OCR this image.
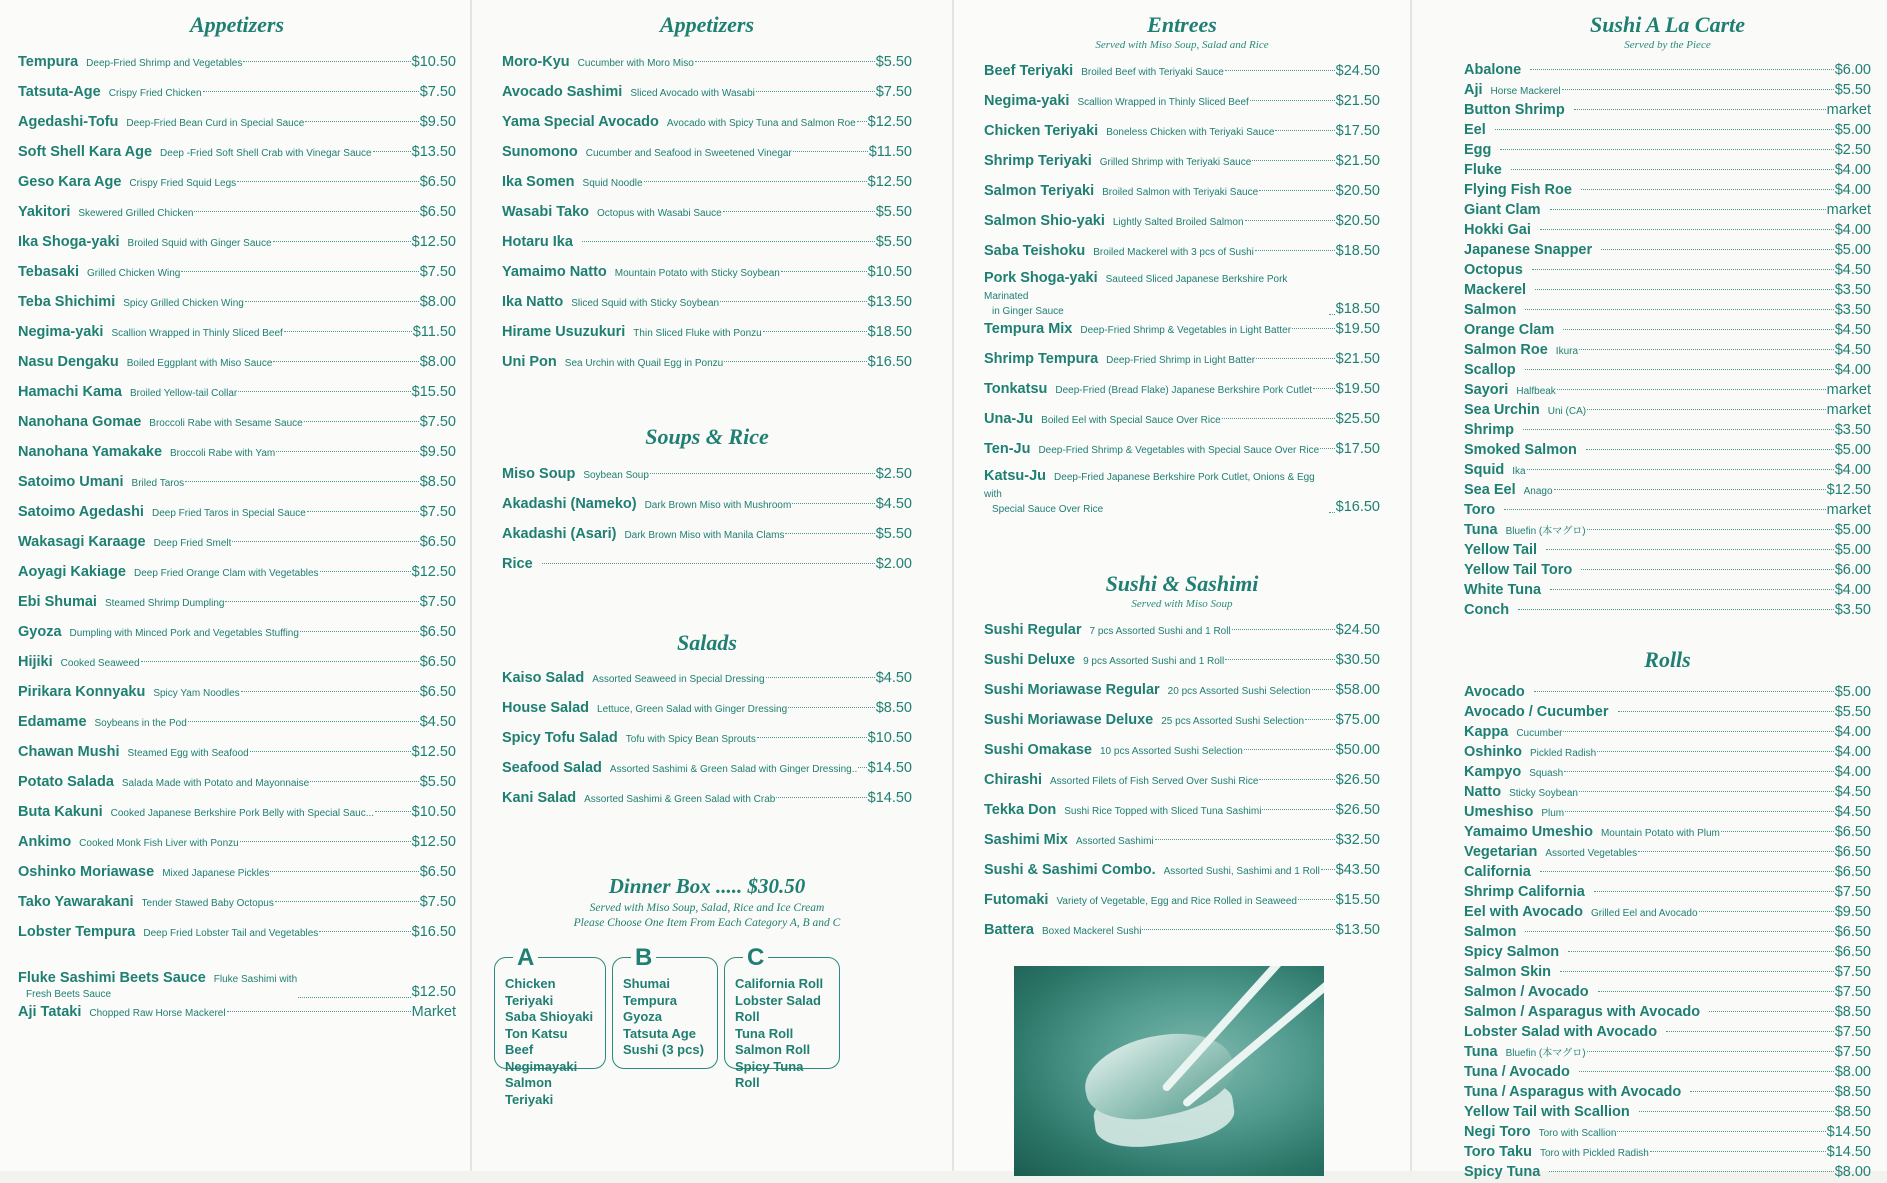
Appetizers
Tempura Deep-Fried Shrimp and Vegetables	$10.50
Tatsuta-Age Crispy Fried Chicken	$7.50
Agedashi-Tofu Deep-Fried Bean Curd in Special Sauce	$9.50
Soft Shell Kara Age Deep -Fried Soft Shell Crab with Vinegar Sauce	$13.50
Geso Kara Age Crispy Fried Squid Legs	$6.50
Yakitori Skewered Grilled Chicken	$6.50
Ika Shoga-yaki Broiled Squid with Ginger Sauce	$12.50
Tebasaki Grilled Chicken Wing	$7.50
Teba Shichimi Spicy Grilled Chicken Wing	$8.00
Negima-yaki Scallion Wrapped in Thinly Sliced Beef	$11.50
Nasu Dengaku Boiled Eggplant with Miso Sauce	$8.00
Hamachi Kama Broiled Yellow-tail Collar	$15.50
Nanohana Gomae Broccoli Rabe with Sesame Sauce	$7.50
Nanohana Yamakake Broccoli Rabe with Yam	$9.50
Satoimo Umani Briled Taros	$8.50
Satoimo Agedashi Deep Fried Taros in Special Sauce	$7.50
Wakasagi Karaage Deep Fried Smelt	$6.50
Aoyagi Kakiage Deep Fried Orange Clam with Vegetables	$12.50
Ebi Shumai Steamed Shrimp Dumpling	$7.50
Gyoza Dumpling with Minced Pork and Vegetables Stuffing	$6.50
Hijiki Cooked Seaweed	$6.50
Pirikara Konnyaku Spicy Yam Noodles	$6.50
Edamame Soybeans in the Pod	$4.50
Chawan Mushi Steamed Egg with Seafood	$12.50
Potato Salada Salada Made with Potato and Mayonnaise	$5.50
Buta Kakuni Cooked Japanese Berkshire Pork Belly with Special Sauc...	$10.50
Ankimo Cooked Monk Fish Liver with Ponzu	$12.50
Oshinko Moriawase Mixed Japanese Pickles	$6.50
Tako Yawarakani Tender Stawed Baby Octopus	$7.50
Lobster Tempura Deep Fried Lobster Tail and Vegetables	$16.50
Fluke Sashimi Beets Sauce Fluke Sashimi with
Fresh Beets Sauce	$12.50
Aji Tataki Chopped Raw Horse Mackerel	Market
Appetizers
Moro-Kyu Cucumber with Moro Miso	$5.50
Avocado Sashimi Sliced Avocado with Wasabi	$7.50
Yama Special Avocado Avocado with Spicy Tuna and Salmon Roe $12.50
Sunomono Cucumber and Seafood in Sweetened Vinegar	$11.50
Ika Somen Squid Noodle	$12.50
Wasabi Tako Octopus with Wasabi Sauce	$5.50
Hotaru Ika	$5.50
Yamaimo Natto Mountain Potato with Sticky Soybean	$10.50
Ika Natto Sliced Squid with Sticky Soybean	$13.50
Hirame Usuzukuri Thin Sliced Fluke with Ponzu	$18.50
Uni Pon Sea Urchin with Quail Egg in Ponzu	$16.50
Soups & Rice
Miso Soup Soybean Soup	$2.50
Akadashi (Nameko) Dark Brown Miso with Mushroom	$4.50
Akadashi (Asari) Dark Brown Miso with Manila Clams	$5.50
Rice	$2.00
Salads
Kaiso Salad Assorted Seaweed in Special Dressing	$4.50
House Salad Lettuce, Green Salad with Ginger Dressing	$8.50
Spicy Tofu Salad Tofu with Spicy Bean Sprouts	$10.50
Seafood Salad Assorted Sashimi & Green Salad with Ginger Dressing.. $14.50
Kani Salad Assorted Sashimi & Green Salad with Crab	$14.50
Dinner Box ..... $30.50

Served with Miso Soup, Salad, Rice and Ice Cream

Please Choose One Item From Each Category A, B and C

A
Chicken Teriyaki
Saba Shioyaki
Ton Katsu
Beef Negimayaki
Salmon Teriyaki
B
Shumai
Tempura
Gyoza
Tatsuta Age
Sushi (3 pcs)
C
California Roll
Lobster Salad Roll
Tuna Roll
Salmon Roll
Spicy Tuna Roll
Entrees

Served with Miso Soup, Salad and Rice

Beef Teriyaki Broiled Beef with Teriyaki Sauce	$24.50
Negima-yaki Scallion Wrapped in Thinly Sliced Beef	$21.50
Chicken Teriyaki Boneless Chicken with Teriyaki Sauce	$17.50
Shrimp Teriyaki Grilled Shrimp with Teriyaki Sauce	$21.50
Salmon Teriyaki Broiled Salmon with Teriyaki Sauce	$20.50
Salmon Shio-yaki Lightly Salted Broiled Salmon	$20.50
Saba Teishoku Broiled Mackerel with 3 pcs of Sushi	$18.50
Pork Shoga-yaki Sauteed Sliced Japanese Berkshire Pork Marinated
in Ginger Sauce	$18.50
Tempura Mix Deep-Fried Shrimp & Vegetables in Light Batter	$19.50
Shrimp Tempura Deep-Fried Shrimp in Light Batter	$21.50
Tonkatsu Deep-Fried (Bread Flake) Japanese Berkshire Pork Cutlet $19.50
Una-Ju Boiled Eel with Special Sauce Over Rice	$25.50
Ten-Ju Deep-Fried Shrimp & Vegetables with Special Sauce Over Rice $17.50
Katsu-Ju Deep-Fried Japanese Berkshire Pork Cutlet, Onions & Egg with
Special Sauce Over Rice	$16.50
Sushi & Sashimi

Served with Miso Soup

Sushi Regular 7 pcs Assorted Sushi and 1 Roll	$24.50
Sushi Deluxe 9 pcs Assorted Sushi and 1 Roll	$30.50
Sushi Moriawase Regular 20 pcs Assorted Sushi Selection $58.00
Sushi Moriawase Deluxe 25 pcs Assorted Sushi Selection $75.00
Sushi Omakase 10 pcs Assorted Sushi Selection	$50.00
Chirashi Assorted Filets of Fish Served Over Sushi Rice	$26.50
Tekka Don Sushi Rice Topped with Sliced Tuna Sashimi	$26.50
Sashimi Mix Assorted Sashimi	$32.50
Sushi & Sashimi Combo. Assorted Sushi, Sashimi and 1 Roll $43.50
Futomaki Variety of Vegetable, Egg and Rice Rolled in Seaweed	$15.50
Battera Boxed Mackerel Sushi	$13.50
Sushi A La Carte

Served by the Piece

Abalone	$6.00
Aji Horse Mackerel	$5.50
Button Shrimp	market
Eel	$5.00
Egg	$2.50
Fluke	$4.00
Flying Fish Roe	$4.00
Giant Clam	market
Hokki Gai	$4.00
Japanese Snapper	$5.00
Octopus	$4.50
Mackerel	$3.50
Salmon	$3.50
Orange Clam	$4.50
Salmon Roe Ikura	$4.50
Scallop	$4.00
Sayori Halfbeak	market
Sea Urchin Uni (CA)	market
Shrimp	$3.50
Smoked Salmon	$5.00
Squid Ika	$4.00
Sea Eel Anago	$12.50
Toro	market
Tuna Bluefin (本マグロ)	$5.00
Yellow Tail	$5.00
Yellow Tail Toro	$6.00
White Tuna	$4.00
Conch	$3.50
Rolls
Avocado	$5.00
Avocado / Cucumber	$5.50
Kappa Cucumber	$4.00
Oshinko Pickled Radish	$4.00
Kampyo Squash	$4.00
Natto Sticky Soybean	$4.50
Umeshiso Plum	$4.50
Yamaimo Umeshio Mountain Potato with Plum	$6.50
Vegetarian Assorted Vegetables	$6.50
California	$6.50
Shrimp California	$7.50
Eel with Avocado Grilled Eel and Avocado	$9.50
Salmon	$6.50
Spicy Salmon	$6.50
Salmon Skin	$7.50
Salmon / Avocado	$7.50
Salmon / Asparagus with Avocado	$8.50
Lobster Salad with Avocado	$7.50
Tuna Bluefin (本マグロ)	$7.50
Tuna / Avocado	$8.00
Tuna / Asparagus with Avocado	$8.50
Yellow Tail with Scallion	$8.50
Negi Toro Toro with Scallion	$14.50
Toro Taku Toro with Pickled Radish	$14.50
Spicy Tuna	$8.00
